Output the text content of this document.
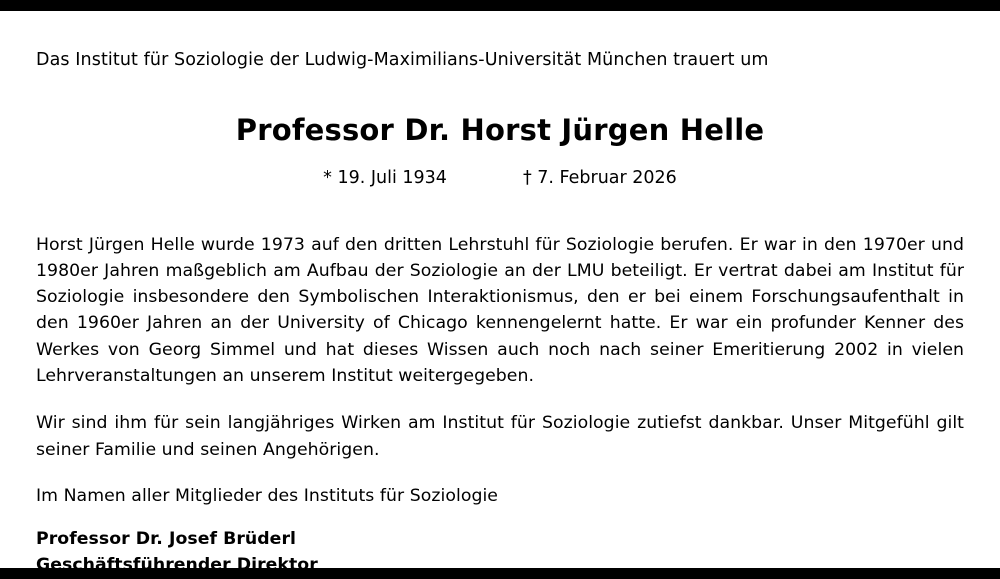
Das Institut für Soziologie der Ludwig-Maximilians-Universität München trauert um

Professor Dr. Horst Jürgen Helle
* 19. Juli 1934	† 7. Februar 2026

Horst Jürgen Helle wurde 1973 auf den dritten Lehrstuhl für Soziologie berufen. Er war in den 1970er und 1980er Jahren maßgeblich am Aufbau der Soziologie an der LMU beteiligt. Er vertrat dabei am Institut für Soziologie insbesondere den Symbolischen Interaktionismus, den er bei einem Forschungsaufenthalt in den 1960er Jahren an der University of Chicago kennengelernt hatte. Er war ein profunder Kenner des Werkes von Georg Simmel und hat dieses Wissen auch noch nach seiner Emeritierung 2002 in vielen Lehrveranstaltungen an unserem Institut weitergegeben.

Wir sind ihm für sein langjähriges Wirken am Institut für Soziologie zutiefst dankbar. Unser Mitgefühl gilt seiner Familie und seinen Angehörigen.

Im Namen aller Mitglieder des Instituts für Soziologie

Professor Dr. Josef Brüderl
Geschäftsführender Direktor
